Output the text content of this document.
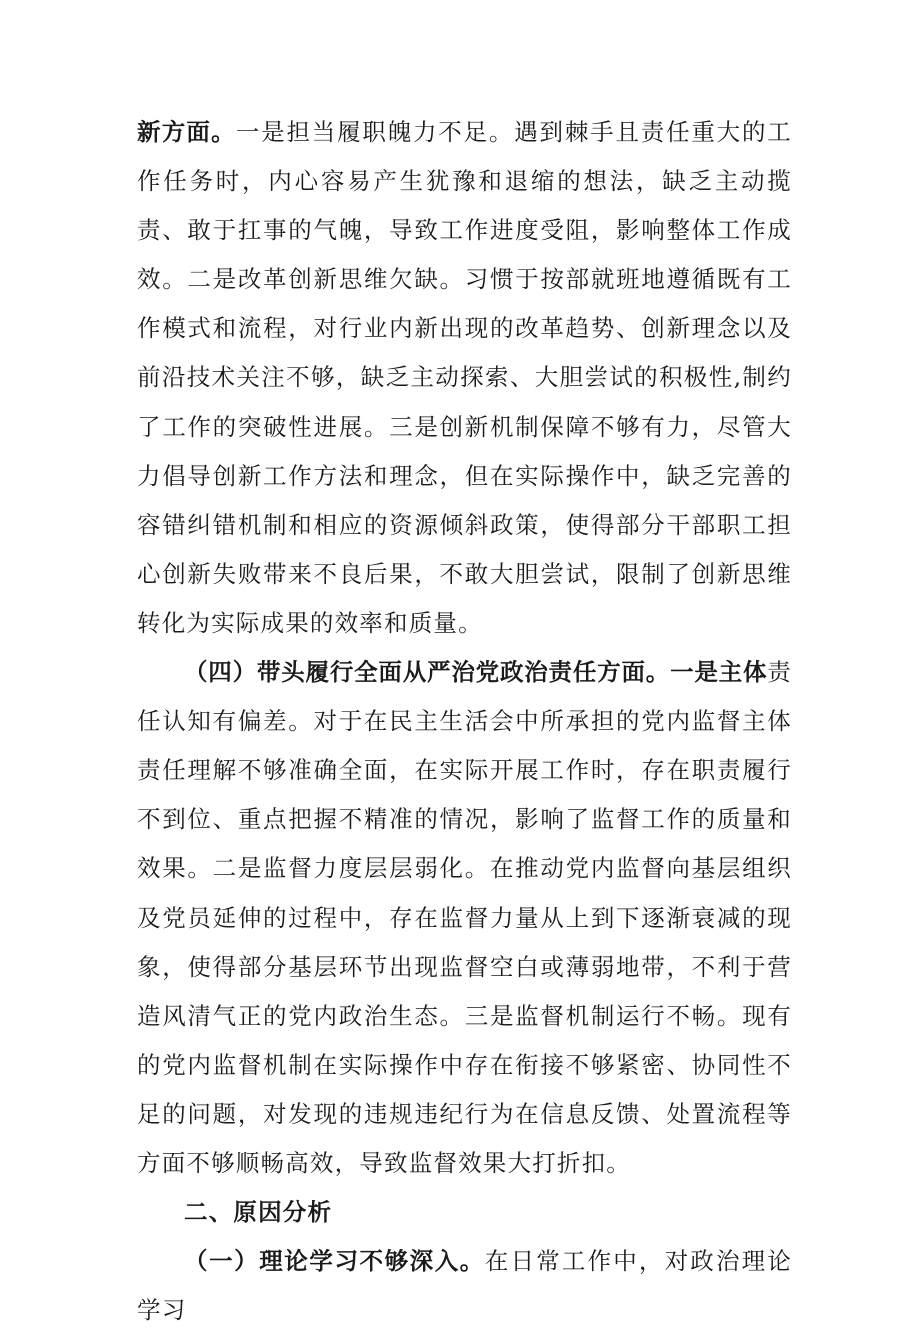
新方面。一是担当履职魄力不足。遇到棘手且责任重大的工作任务时，内心容易产生犹豫和退缩的想法，缺乏主动揽责、敢于扛事的气魄，导致工作进度受阻，影响整体工作成效。二是改革创新思维欠缺。习惯于按部就班地遵循既有工作模式和流程，对行业内新出现的改革趋势、创新理念以及前沿技术关注不够，缺乏主动探索、大胆尝试的积极性,制约了工作的突破性进展。三是创新机制保障不够有力，尽管大力倡导创新工作方法和理念，但在实际操作中，缺乏完善的容错纠错机制和相应的资源倾斜政策，使得部分干部职工担心创新失败带来不良后果，不敢大胆尝试，限制了创新思维转化为实际成果的效率和质量。

（四）带头履行全面从严治党政治责任方面。一是主体责任认知有偏差。对于在民主生活会中所承担的党内监督主体责任理解不够准确全面，在实际开展工作时，存在职责履行不到位、重点把握不精准的情况，影响了监督工作的质量和效果。二是监督力度层层弱化。在推动党内监督向基层组织及党员延伸的过程中，存在监督力量从上到下逐渐衰减的现象，使得部分基层环节出现监督空白或薄弱地带，不利于营造风清气正的党内政治生态。三是监督机制运行不畅。现有的党内监督机制在实际操作中存在衔接不够紧密、协同性不足的问题，对发现的违规违纪行为在信息反馈、处置流程等方面不够顺畅高效，导致监督效果大打折扣。

二、原因分析

（一）理论学习不够深入。在日常工作中，对政治理论学习
